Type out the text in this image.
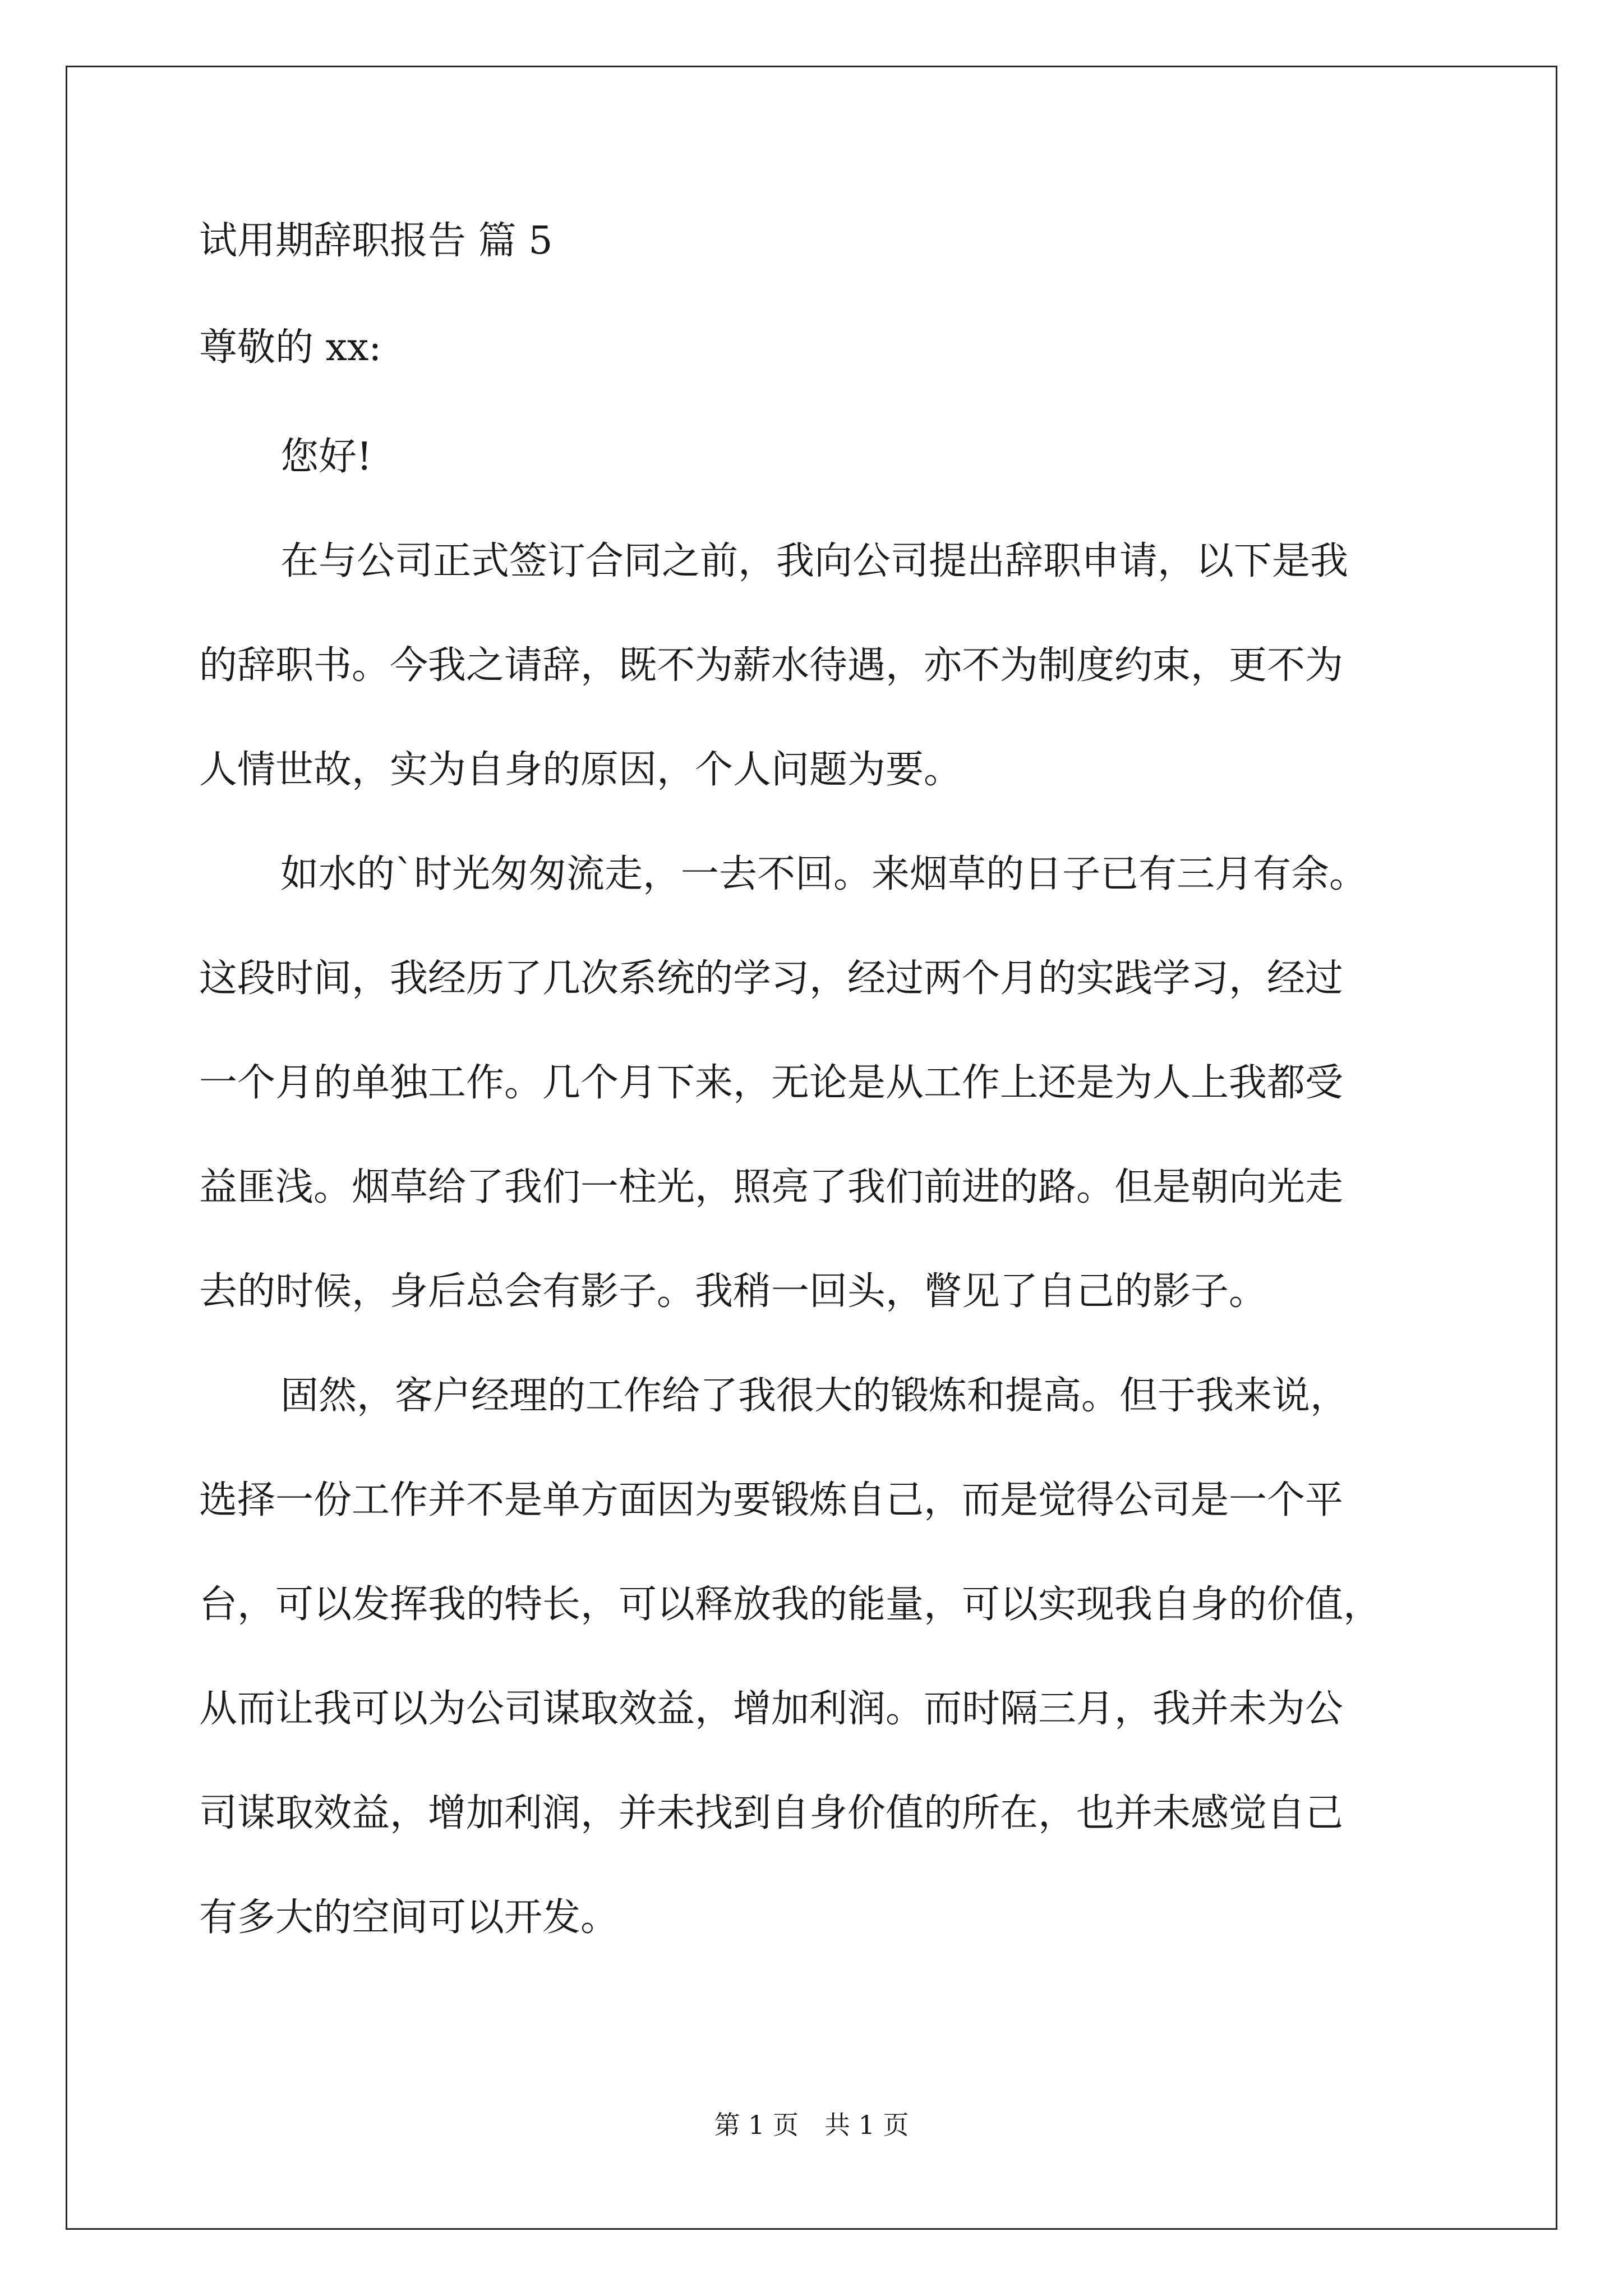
试用期辞职报告 篇 5

尊敬的 xx:

您好!

在与公司正式签订合同之前，我向公司提出辞职申请，以下是我

的辞职书。今我之请辞，既不为薪水待遇，亦不为制度约束，更不为

人情世故，实为自身的原因，个人问题为要。

如水的`时光匆匆流走，一去不回。来烟草的日子已有三月有余。

这段时间，我经历了几次系统的学习，经过两个月的实践学习，经过

一个月的单独工作。几个月下来，无论是从工作上还是为人上我都受

益匪浅。烟草给了我们一柱光，照亮了我们前进的路。但是朝向光走

去的时候，身后总会有影子。我稍一回头，瞥见了自己的影子。

固然，客户经理的工作给了我很大的锻炼和提高。但于我来说，

选择一份工作并不是单方面因为要锻炼自己，而是觉得公司是一个平

台，可以发挥我的特长，可以释放我的能量，可以实现我自身的价值，

从而让我可以为公司谋取效益，增加利润。而时隔三月，我并未为公

司谋取效益，增加利润，并未找到自身价值的所在，也并未感觉自己

有多大的空间可以开发。

第 1 页　共 1 页
